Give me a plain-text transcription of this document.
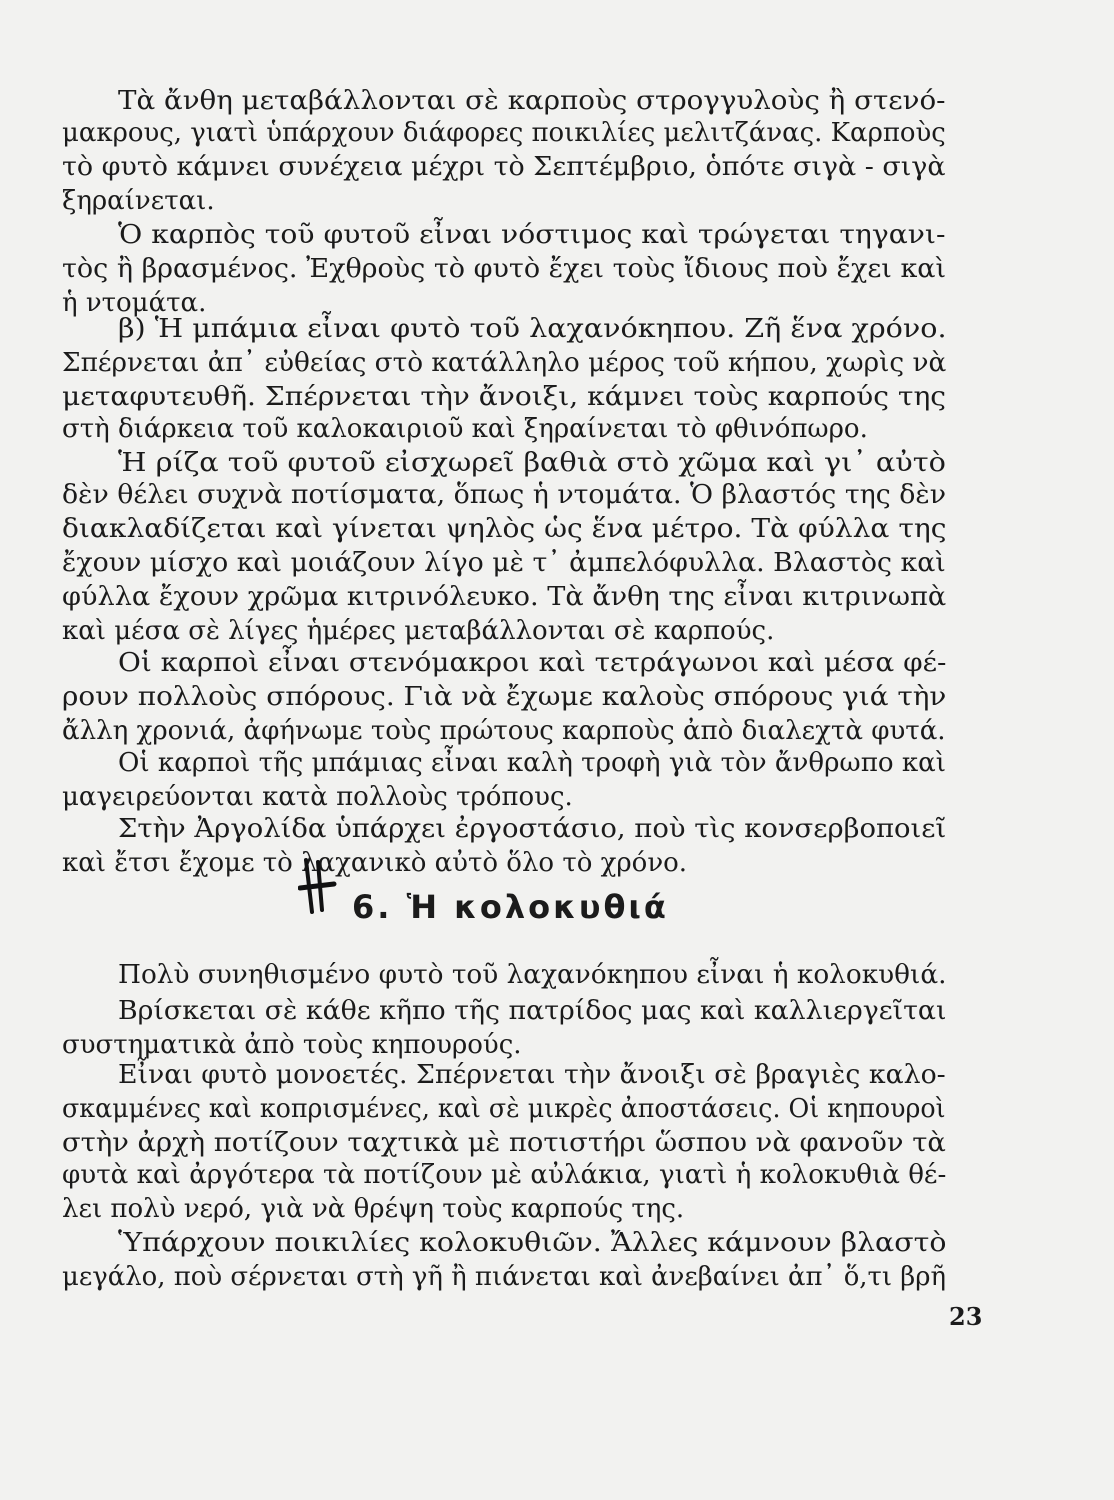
Τὰ ἄνθη μεταβάλλονται σὲ καρποὺς στρογγυλοὺς ἢ στενό-
μακρους, γιατὶ ὑπάρχουν διάφορες ποικιλίες μελιτζάνας. Καρποὺς
τὸ φυτὸ κάμνει συνέχεια μέχρι τὸ Σεπτέμβριο, ὁπότε σιγὰ - σιγὰ
ξηραίνεται.
Ὁ καρπὸς τοῦ φυτοῦ εἶναι νόστιμος καὶ τρώγεται τηγανι-
τὸς ἢ βρασμένος. Ἐχθροὺς τὸ φυτὸ ἔχει τοὺς ἴδιους ποὺ ἔχει καὶ
ἡ ντομάτα.
β) Ἡ μπάμια εἶναι φυτὸ τοῦ λαχανόκηπου. Ζῆ ἕνα χρόνο.
Σπέρνεται ἀπ᾿ εὐθείας στὸ κατάλληλο μέρος τοῦ κήπου, χωρὶς νὰ
μεταφυτευθῆ. Σπέρνεται τὴν ἄνοιξι, κάμνει τοὺς καρπούς της
στὴ διάρκεια τοῦ καλοκαιριοῦ καὶ ξηραίνεται τὸ φθινόπωρο.
Ἡ ρίζα τοῦ φυτοῦ εἰσχωρεῖ βαθιὰ στὸ χῶμα καὶ γι᾿ αὐτὸ
δὲν θέλει συχνὰ ποτίσματα, ὅπως ἡ ντομάτα. Ὁ βλαστός της δὲν
διακλαδίζεται καὶ γίνεται ψηλὸς ὡς ἕνα μέτρο. Τὰ φύλλα της
ἔχουν μίσχο καὶ μοιάζουν λίγο μὲ τ᾿ ἀμπελόφυλλα. Βλαστὸς καὶ
φύλλα ἔχουν χρῶμα κιτρινόλευκο. Τὰ ἄνθη της εἶναι κιτρινωπὰ
καὶ μέσα σὲ λίγες ἡμέρες μεταβάλλονται σὲ καρπούς.
Οἱ καρποὶ εἶναι στενόμακροι καὶ τετράγωνοι καὶ μέσα φέ-
ρουν πολλοὺς σπόρους. Γιὰ νὰ ἔχωμε καλοὺς σπόρους γιά τὴν
ἄλλη χρονιά, ἀφήνωμε τοὺς πρώτους καρποὺς ἀπὸ διαλεχτὰ φυτά.
Οἱ καρποὶ τῆς μπάμιας εἶναι καλὴ τροφὴ γιὰ τὸν ἄνθρωπο καὶ
μαγειρεύονται κατὰ πολλοὺς τρόπους.
Στὴν Ἀργολίδα ὑπάρχει ἐργοστάσιο, ποὺ τὶς κονσερβοποιεῖ
καὶ ἔτσι ἔχομε τὸ λαχανικὸ αὐτὸ ὅλο τὸ χρόνο.
6. Ἡ κολοκυθιά
Πολὺ συνηθισμένο φυτὸ τοῦ λαχανόκηπου εἶναι ἡ κολοκυθιά.
Βρίσκεται σὲ κάθε κῆπο τῆς πατρίδος μας καὶ καλλιεργεῖται
συστηματικὰ ἀπὸ τοὺς κηπουρούς.
Εἶναι φυτὸ μονοετές. Σπέρνεται τὴν ἄνοιξι σὲ βραγιὲς καλο-
σκαμμένες καὶ κοπρισμένες, καὶ σὲ μικρὲς ἀποστάσεις. Οἱ κηπουροὶ
στὴν ἀρχὴ ποτίζουν ταχτικὰ μὲ ποτιστήρι ὥσπου νὰ φανοῦν τὰ
φυτὰ καὶ ἀργότερα τὰ ποτίζουν μὲ αὐλάκια, γιατὶ ἡ κολοκυθιὰ θέ-
λει πολὺ νερό, γιὰ νὰ θρέψη τοὺς καρπούς της.
Ὑπάρχουν ποικιλίες κολοκυθιῶν. Ἄλλες κάμνουν βλαστὸ
μεγάλο, ποὺ σέρνεται στὴ γῆ ἢ πιάνεται καὶ ἀνεβαίνει ἀπ᾿ ὅ,τι βρῆ
23
